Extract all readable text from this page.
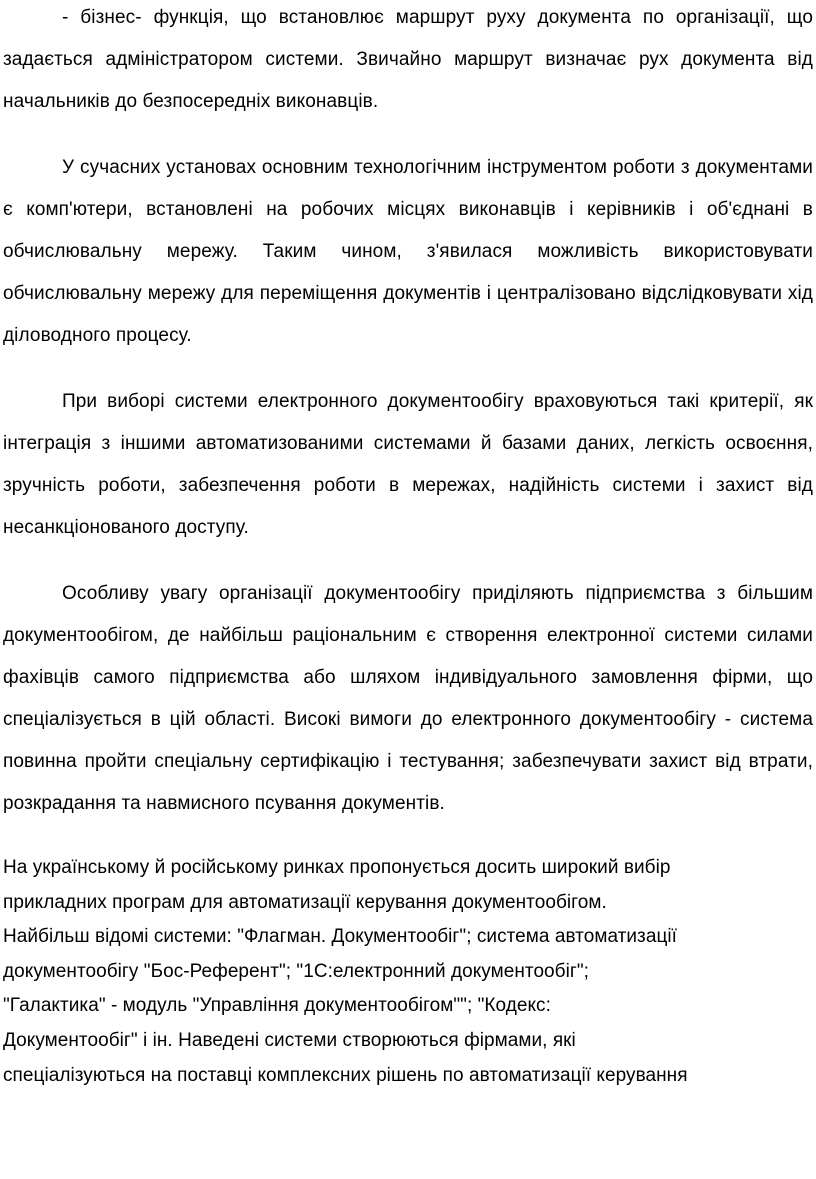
- бізнес- функція, що встановлює маршрут руху документа по організації, що задається адміністратором системи. Звичайно маршрут визначає рух документа від начальників до безпосередніх виконавців.

У сучасних установах основним технологічним інструментом роботи з документами є комп'ютери, встановлені на робочих місцях виконавців і керівників і об'єднані в обчислювальну мережу. Таким чином, з'явилася можливість використовувати обчислювальну мережу для переміщення документів і централізовано відслідковувати хід діловодного процесу.

При виборі системи електронного документообігу враховуються такі критерії, як інтеграція з іншими автоматизованими системами й базами даних, легкість освоєння, зручність роботи, забезпечення роботи в мережах, надійність системи і захист від несанкціонованого доступу.

Особливу увагу організації документообігу приділяють підприємства з більшим документообігом, де найбільш раціональним є створення електронної системи силами фахівців самого підприємства або шляхом індивідуального замовлення фірми, що спеціалізується в цій області. Високі вимоги до електронного документообігу - система повинна пройти спеціальну сертифікацію і тестування; забезпечувати захист від втрати, розкрадання та навмисного псування документів.

На українському й російському ринках пропонується досить широкий вибір
прикладних програм для автоматизації керування документообігом.
Найбільш відомі системи: "Флагман. Документообіг"; система автоматизації
документообігу "Бос-Референт"; "1С:електронний документообіг";
"Галактика" - модуль "Управління документообігом""; "Кодекс:
Документообіг" і ін. Наведені системи створюються фірмами, які
спеціалізуються на поставці комплексних рішень по автоматизації керування
